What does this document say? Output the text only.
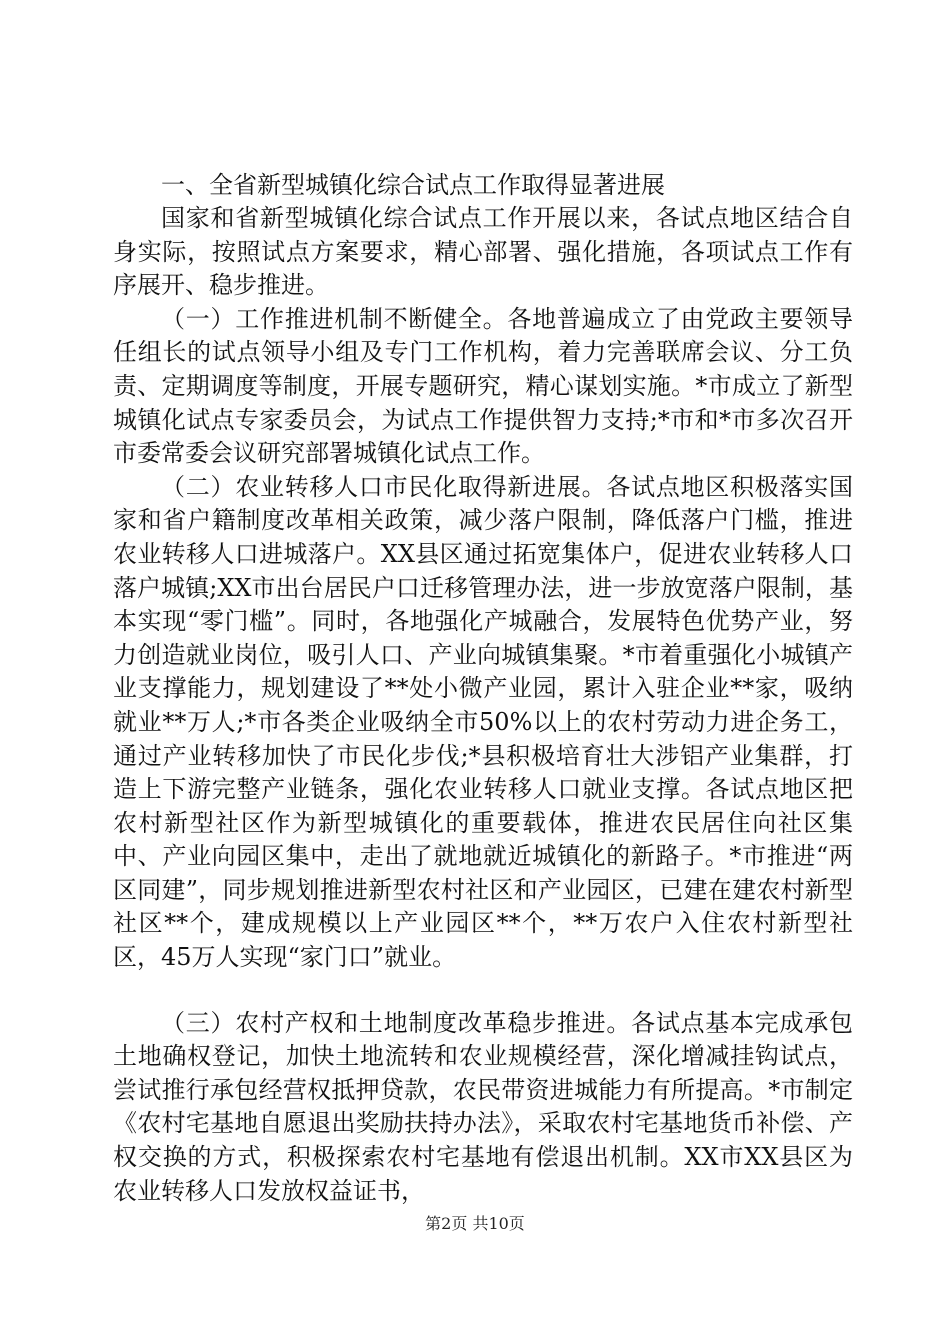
一、全省新型城镇化综合试点工作取得显著进展

国家和省新型城镇化综合试点工作开展以来，各试点地区结合自身实际，按照试点方案要求，精心部署、强化措施，各项试点工作有序展开、稳步推进。

（一）工作推进机制不断健全。各地普遍成立了由党政主要领导任组长的试点领导小组及专门工作机构，着力完善联席会议、分工负责、定期调度等制度，开展专题研究，精心谋划实施。*市成立了新型城镇化试点专家委员会，为试点工作提供智力支持;*市和*市多次召开市委常委会议研究部署城镇化试点工作。

（二）农业转移人口市民化取得新进展。各试点地区积极落实国家和省户籍制度改革相关政策，减少落户限制，降低落户门槛，推进农业转移人口进城落户。XX县区通过拓宽集体户，促进农业转移人口落户城镇;XX市出台居民户口迁移管理办法，进一步放宽落户限制，基本实现“零门槛”。同时，各地强化产城融合，发展特色优势产业，努力创造就业岗位，吸引人口、产业向城镇集聚。*市着重强化小城镇产业支撑能力，规划建设了**处小微产业园，累计入驻企业**家，吸纳就业**万人;*市各类企业吸纳全市50%以上的农村劳动力进企务工，通过产业转移加快了市民化步伐;*县积极培育壮大涉铝产业集群，打造上下游完整产业链条，强化农业转移人口就业支撑。各试点地区把农村新型社区作为新型城镇化的重要载体，推进农民居住向社区集中、产业向园区集中，走出了就地就近城镇化的新路子。*市推进“两区同建”，同步规划推进新型农村社区和产业园区，已建在建农村新型社区**个，建成规模以上产业园区**个，**万农户入住农村新型社区，45万人实现“家门口”就业。

（三）农村产权和土地制度改革稳步推进。各试点基本完成承包土地确权登记，加快土地流转和农业规模经营，深化增减挂钩试点，尝试推行承包经营权抵押贷款，农民带资进城能力有所提高。*市制定《农村宅基地自愿退出奖励扶持办法》，采取农村宅基地货币补偿、产权交换的方式，积极探索农村宅基地有偿退出机制。XX市XX县区为农业转移人口发放权益证书，

第2页 共10页
